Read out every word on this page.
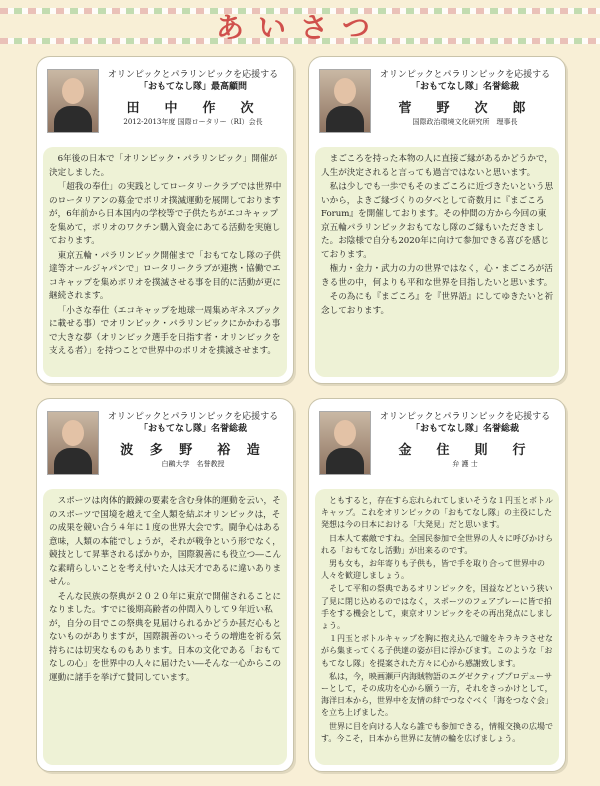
あいさつ
オリンピックとパラリンピックを応援する
「おもてなし隊」最高顧問
田　中　作　次
2012-2013年度 国際ロータリー（RI）会長

6年後の日本で「オリンピック・パラリンピック」開催が決定しました。

「超我の奉仕」の実践としてロータリークラブでは世界中のロータリアンの募金でポリオ撲滅運動を展開しておりますが，6年前から日本国内の学校等で子供たちがエコキャップを集めて，ポリオのワクチン購入資金にあてる活動を実施しております。

東京五輪・パラリンピック開催まで「おもてなし隊の子供達等オールジャパンで」ロータリークラブが連携・協働でエコキャップを集めポリオを撲滅させる事を目的に活動が更に継続されます。

「小さな奉仕（エコキャップを地球一周集めギネスブックに載せる事）でオリンピック・パラリンピックにかかわる事で大きな夢（オリンピック選手を日指す者・オリンピックを支える者）」を持つことで世界中のポリオを撲滅させます。

オリンピックとパラリンピックを応援する
「おもてなし隊」名誉総裁
菅　野　次　郎
国際政治環境文化研究所　理事長

まごころを持った本物の人に直接ご縁があるかどうかで，人生が決定されると言っても過言ではないと思います。

私は少しでも一歩でもそのまごころに近づきたいという思いから，よきご縁づくりの夕べとして奇数月に『まごころForum』を開催しております。その仲間の方から今回の東京五輪パラリンピックおもてなし隊のご縁もいただきました。お陰様で自分も2020年に向けて参加できる喜びを感じております。

権力・金力・武力の力の世界ではなく，心・まごころが活きる世の中，何よりも平和な世界を目指したいと思います。

その為にも『まごころ』を『世界語』にしてゆきたいと祈念しております。

オリンピックとパラリンピックを応援する
「おもてなし隊」名誉総裁
波 多 野　裕 造
白鷗大学　名誉教授

スポーツは肉体的鍛錬の要素を含む身体的運動を云い，そのスポーツで国境を越えて全人類を結ぶオリンピックは，その成果を競い合う４年に１度の世界大会です。闘争心はある意味，人類の本能でしょうが，それが戦争という形でなく，競技として昇華されるばかりか，国際親善にも役立つ―こんな素晴らしいことを考え付いた人は天才であるに違いありません。

そんな民族の祭典が２０２０年に東京で開催されることになりました。すでに後期高齢者の仲間入りして９年近い私が，自分の目でこの祭典を見届けられるかどうか甚だ心もとないものがありますが，国際親善のいっそうの増進を祈る気持ちには切実なものもあります。日本の文化である「おもてなしの心」を世界中の人々に届けたい―そんな一心からこの運動に諸手を挙げて賛同しています。

オリンピックとパラリンピックを応援する
「おもてなし隊」名誉総裁
金　住　則　行
弁 護 士

ともすると，存在すら忘れられてしまいそうな１円玉とボトルキャップ。これをオリンピックの「おもてなし隊」の主役にした発想は今の日本における「大発見」だと思います。

日本人て素敵ですね。全国民参加で全世界の人々に呼びかけられる「おもてなし活動」が出来るのです。

男も女も，お年寄りも子供も，皆で手を取り合って世界中の人々を歓迎しましょう。

そして平和の祭典であるオリンピックを，国益などという狭い了見に閉じ込めるのではなく，スポーツのフェアプレーに皆で拍手をする機会として，東京オリンピックをその再出発点にしましょう。

１円玉とボトルキャップを胸に抱え込んで瞳をキラキラさせながら集まってくる子供達の姿が目に浮かびます。このような「おもてなし隊」を提案された方々に心から感謝致します。

私は，今，映画瀬戸内海賊物語のエグゼクティブプロデューサーとして，その成功を心から願う一方，それをきっかけとして，海洋日本から，世界中を友情の絆でつなぐべく「海をつなぐ会」を立ち上げました。

世界に目を向ける人なら誰でも参加できる，情報交換の広場です。今こそ，日本から世界に友情の輪を広げましょう。
